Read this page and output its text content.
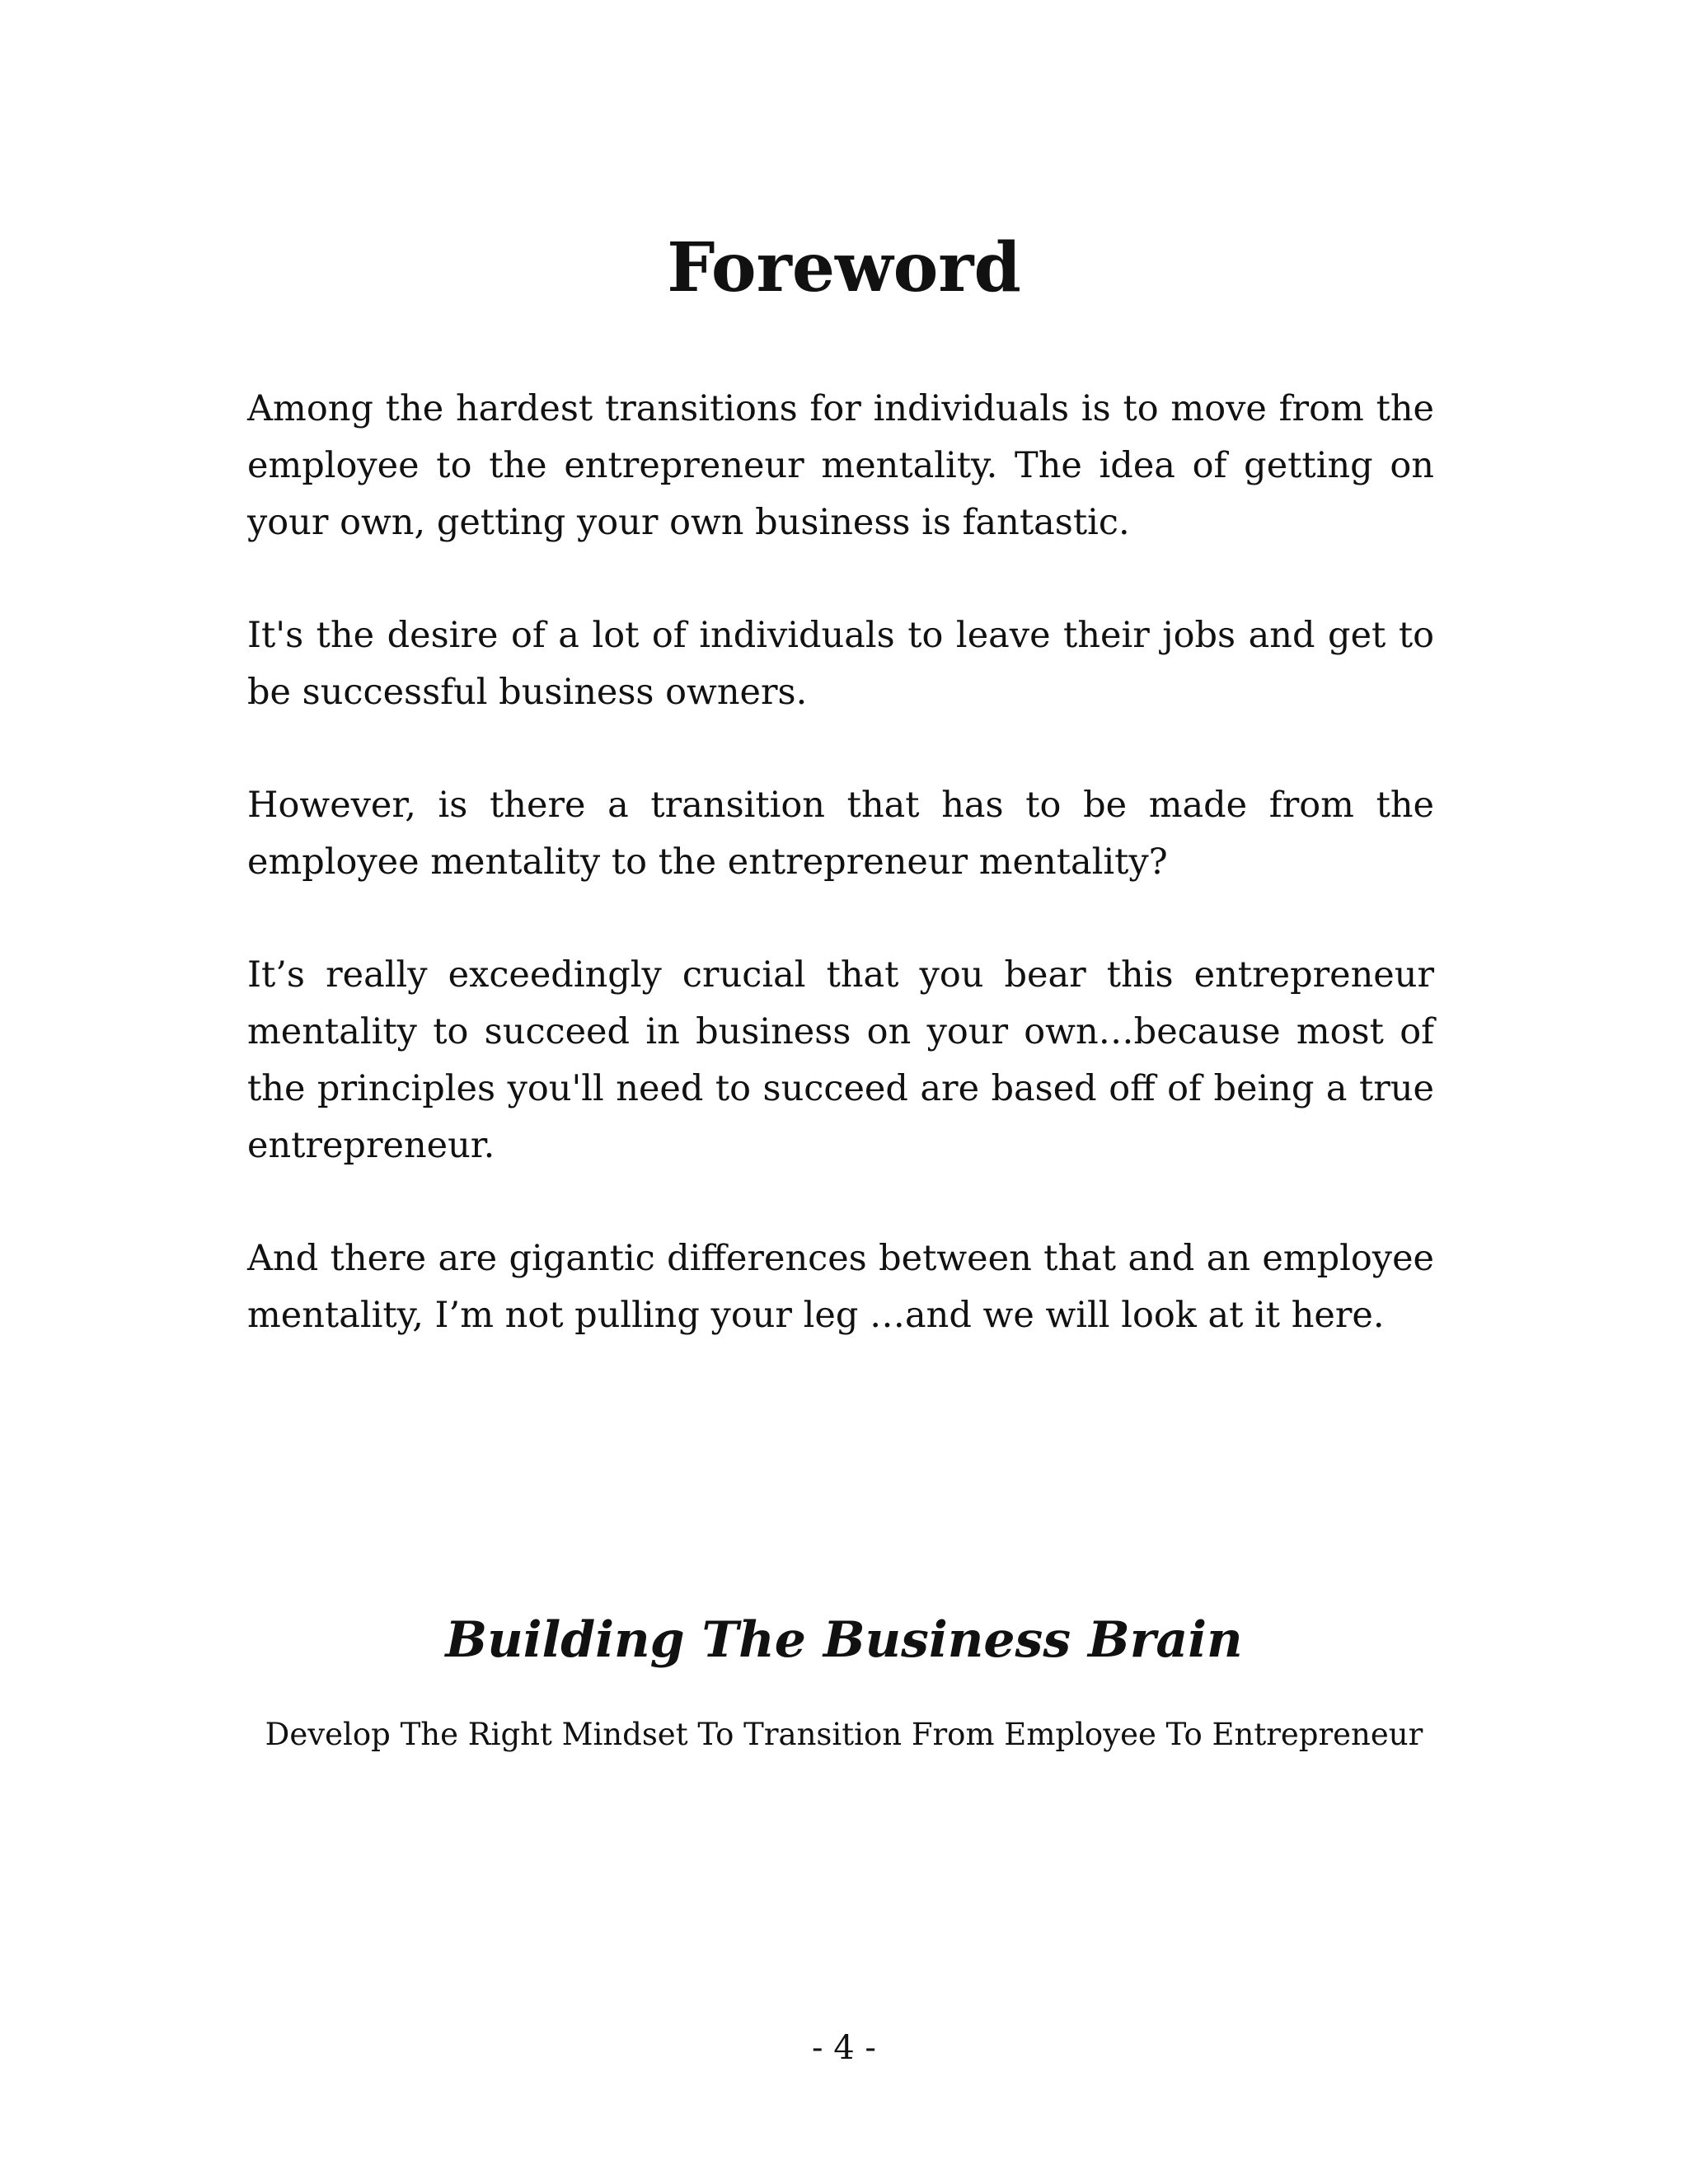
Foreword

Among the hardest transitions for individuals is to move from the employee to the entrepreneur mentality. The idea of getting on your own, getting your own business is fantastic.

It's the desire of a lot of individuals to leave their jobs and get to be successful business owners.

However, is there a transition that has to be made from the employee mentality to the entrepreneur mentality?

It’s really exceedingly crucial that you bear this entrepreneur mentality to succeed in business on your own…because most of the principles you'll need to succeed are based off of being a true entrepreneur.

And there are gigantic differences between that and an employee mentality, I’m not pulling your leg …and we will look at it here.

Building The Business Brain

Develop The Right Mindset To Transition From Employee To Entrepreneur

- 4 -
